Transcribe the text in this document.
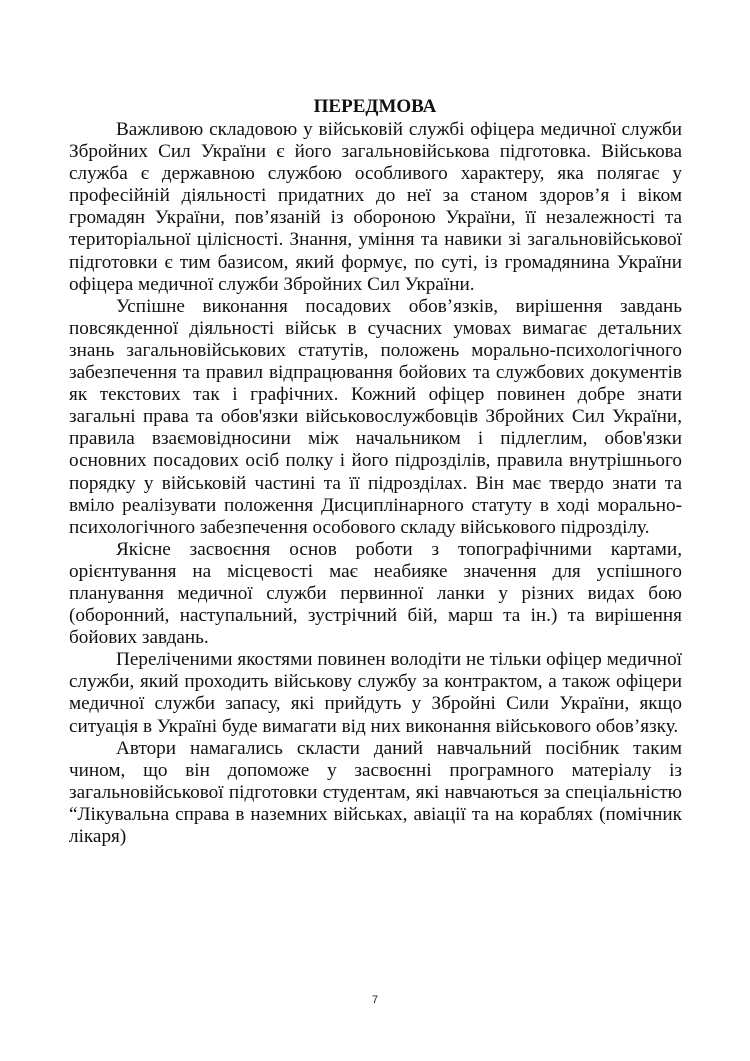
ПЕРЕДМОВА

Важливою складовою у військовій службі офіцера медичної служби Збройних Сил України є його загальновійськова підготовка. Військова служба є державною службою особливого характеру, яка полягає у професійній діяльності придатних до неї за станом здоров’я і віком громадян України, пов’язаній із обороною України, її незалежності та територіальної цілісності. Знання, уміння та навики зі загальновійськової підготовки є тим базисом, який формує, по суті, із громадянина України офіцера медичної служби Збройних Сил України.

Успішне виконання посадових обов’язків, вирішення завдань повсякденної діяльності військ в сучасних умовах вимагає детальних знань загальновійськових статутів, положень морально-психологічного забезпечення та правил відпрацювання бойових та службових документів як текстових так і графічних. Кожний офіцер повинен добре знати загальні права та обов'язки військовослужбовців Збройних Сил України, правила взаємовідносини між начальником і підлеглим, обов'язки основних посадових осіб полку і його підрозділів, правила внутрішнього порядку у військовій частині та її підрозділах. Він має твердо знати та вміло реалізувати положення Дисциплінарного статуту в ході морально-психологічного забезпечення особового складу військового підрозділу.

Якісне засвоєння основ роботи з топографічними картами, орієнтування на місцевості має неабияке значення для успішного планування медичної служби первинної ланки у різних видах бою (оборонний, наступальний, зустрічний бій, марш та ін.) та вирішення бойових завдань.

Переліченими якостями повинен володіти не тільки офіцер медичної служби, який проходить військову службу за контрактом, а також офіцери медичної служби запасу, які прийдуть у Збройні Сили України, якщо ситуація в Україні буде вимагати від них виконання військового обов’язку.

Автори намагались скласти даний навчальний посібник таким чином, що він допоможе у засвоєнні програмного матеріалу із загальновійськової підготовки студентам, які навчаються за спеціальністю “Лікувальна справа в наземних військах, авіації та на кораблях (помічник лікаря)

7
